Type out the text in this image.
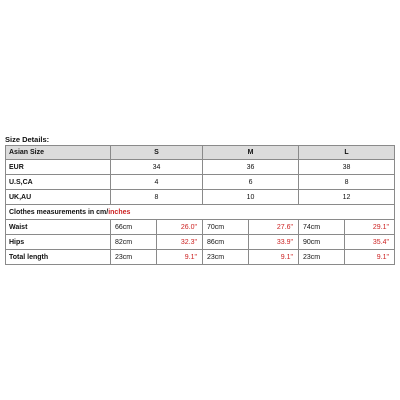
Size Details:
Asian Size	S		M		L	
EUR	34		36		38	
U.S,CA	4		6		8	
UK,AU	8		10		12	
Clothes measurements in cm/inches						
Waist	66cm	26.0"	70cm	27.6"	74cm	29.1"
Hips	82cm	32.3"	86cm	33.9"	90cm	35.4"
Total length	23cm	9.1"	23cm	9.1"	23cm	9.1"
